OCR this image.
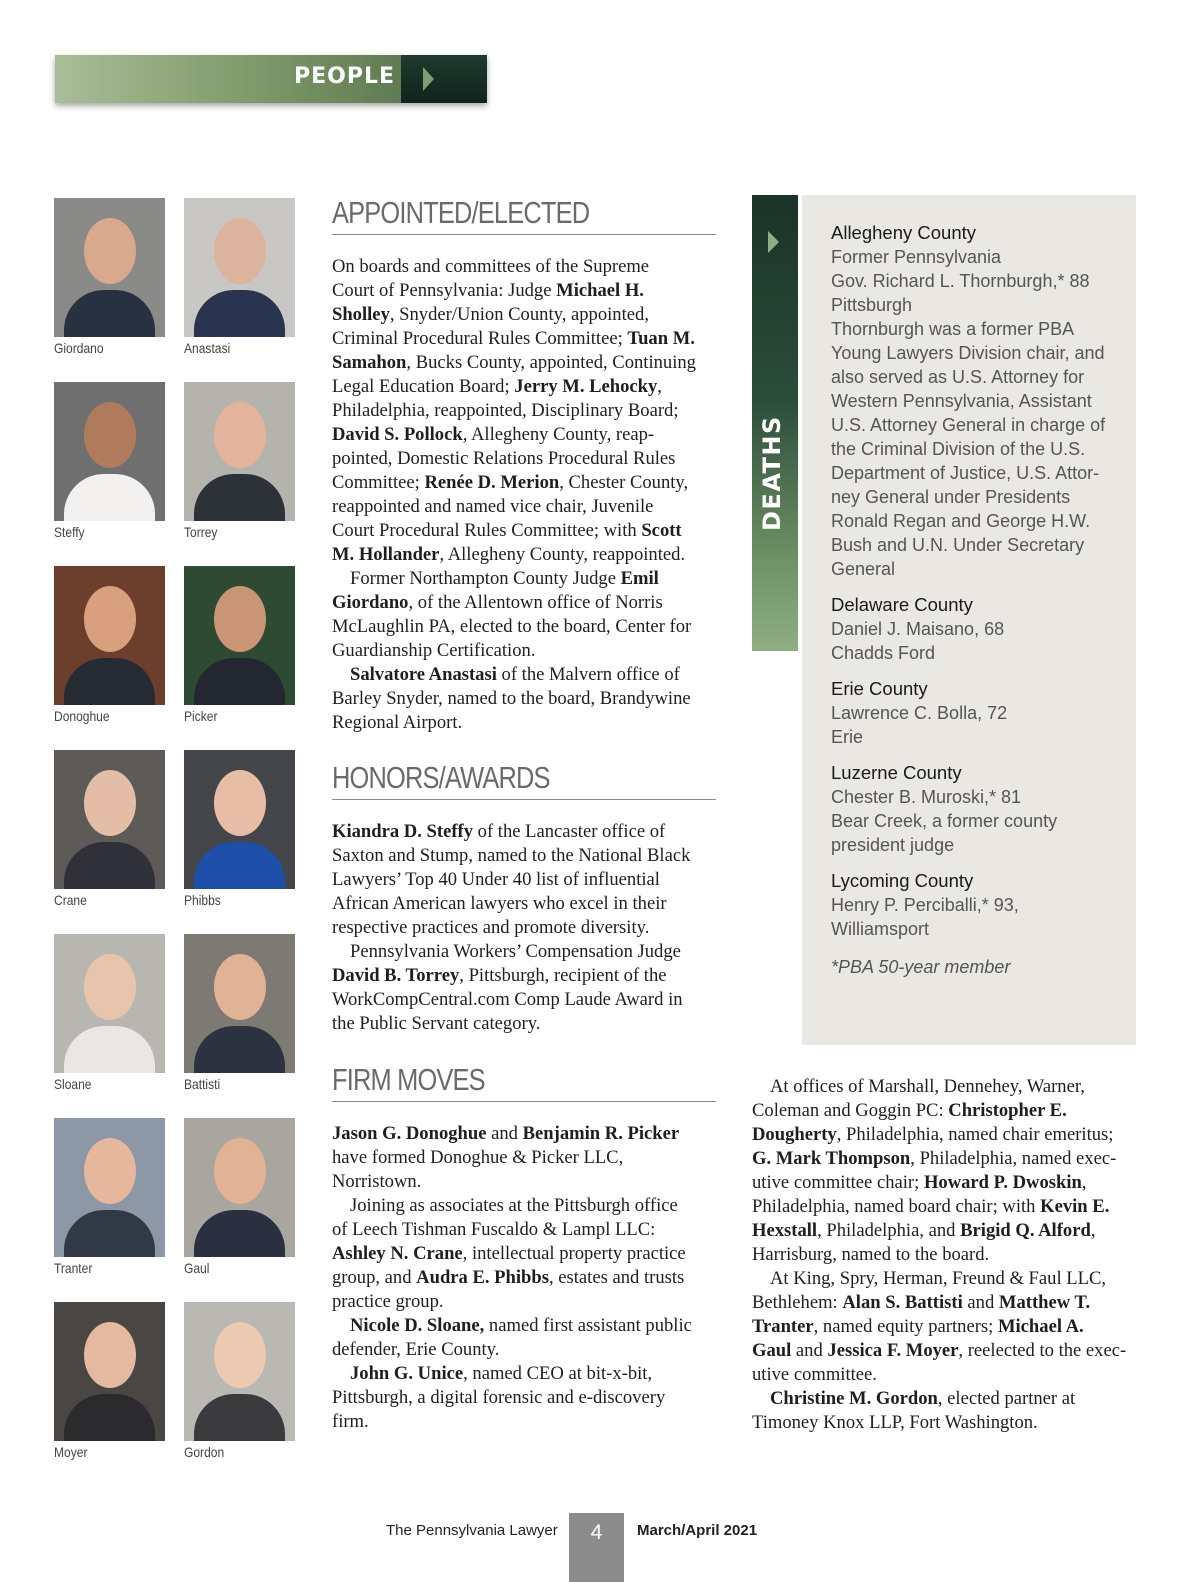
PEOPLE
Giordano	Anastasi
Steffy	Torrey
Donoghue	Picker
Crane	Phibbs
Sloane	Battisti
Tranter	Gaul
Moyer	Gordon
APPOINTED/ELECTED
On boards and committees of the Supreme
Court of Pennsylvania: Judge Michael H.
Sholley, Snyder/Union County, appointed,
Criminal Procedural Rules Committee; Tuan M.
Samahon, Bucks County, appointed, Continuing
Legal Education Board; Jerry M. Lehocky,
Philadelphia, reappointed, Disciplinary Board;
David S. Pollock, Allegheny County, reap-
pointed, Domestic Relations Procedural Rules
Committee; Renée D. Merion, Chester County,
reappointed and named vice chair, Juvenile
Court Procedural Rules Committee; with Scott
M. Hollander, Allegheny County, reappointed.
Former Northampton County Judge Emil
Giordano, of the Allentown office of Norris
McLaughlin PA, elected to the board, Center for
Guardianship Certification.
Salvatore Anastasi of the Malvern office of
Barley Snyder, named to the board, Brandywine
Regional Airport.
HONORS/AWARDS
Kiandra D. Steffy of the Lancaster office of
Saxton and Stump, named to the National Black
Lawyers’ Top 40 Under 40 list of influential
African American lawyers who excel in their
respective practices and promote diversity.
Pennsylvania Workers’ Compensation Judge
David B. Torrey, Pittsburgh, recipient of the
WorkCompCentral.com Comp Laude Award in
the Public Servant category.
FIRM MOVES
Jason G. Donoghue and Benjamin R. Picker
have formed Donoghue & Picker LLC,
Norristown.
Joining as associates at the Pittsburgh office
of Leech Tishman Fuscaldo & Lampl LLC:
Ashley N. Crane, intellectual property practice
group, and Audra E. Phibbs, estates and trusts
practice group.
Nicole D. Sloane, named first assistant public
defender, Erie County.
John G. Unice, named CEO at bit-x-bit,
Pittsburgh, a digital forensic and e-discovery
firm.
DEATHS
Allegheny County
Former Pennsylvania
Gov. Richard L. Thornburgh,* 88
Pittsburgh
Thornburgh was a former PBA
Young Lawyers Division chair, and
also served as U.S. Attorney for
Western Pennsylvania, Assistant
U.S. Attorney General in charge of
the Criminal Division of the U.S.
Department of Justice, U.S. Attor-
ney General under Presidents
Ronald Regan and George H.W.
Bush and U.N. Under Secretary
General
Delaware County
Daniel J. Maisano, 68
Chadds Ford
Erie County
Lawrence C. Bolla, 72
Erie
Luzerne County
Chester B. Muroski,* 81
Bear Creek, a former county
president judge
Lycoming County
Henry P. Perciballi,* 93,
Williamsport
*PBA 50-year member
At offices of Marshall, Dennehey, Warner,
Coleman and Goggin PC: Christopher E.
Dougherty, Philadelphia, named chair emeritus;
G. Mark Thompson, Philadelphia, named exec-
utive committee chair; Howard P. Dwoskin,
Philadelphia, named board chair; with Kevin E.
Hexstall, Philadelphia, and Brigid Q. Alford,
Harrisburg, named to the board.
At King, Spry, Herman, Freund & Faul LLC,
Bethlehem: Alan S. Battisti and Matthew T.
Tranter, named equity partners; Michael A.
Gaul and Jessica F. Moyer, reelected to the exec-
utive committee.
Christine M. Gordon, elected partner at
Timoney Knox LLP, Fort Washington.
The Pennsylvania Lawyer	4	March/April 2021
